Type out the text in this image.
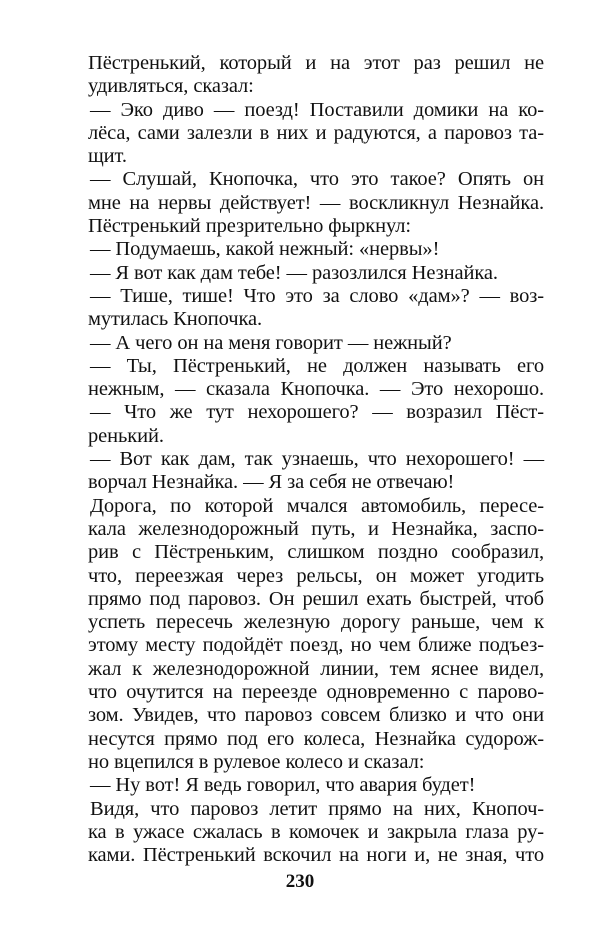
Пёстренький, который и на этот раз решил не
удивляться, сказал:
— Эко диво — поезд! Поставили домики на ко-
лёса, сами залезли в них и радуются, а паровоз та-
щит.
— Слушай, Кнопочка, что это такое? Опять он
мне на нервы действует! — воскликнул Незнайка.
Пёстренький презрительно фыркнул:
— Подумаешь, какой нежный: «нервы»!
— Я вот как дам тебе! — разозлился Незнайка.
— Тише, тише! Что это за слово «дам»? — воз-
мутилась Кнопочка.
— А чего он на меня говорит — нежный?
— Ты, Пёстренький, не должен называть его
нежным, — сказала Кнопочка. — Это нехорошо.
— Что же тут нехорошего? — возразил Пёст-
ренький.
— Вот как дам, так узнаешь, что нехорошего! —
ворчал Незнайка. — Я за себя не отвечаю!
Дорога, по которой мчался автомобиль, пересе-
кала железнодорожный путь, и Незнайка, заспо-
рив с Пёстреньким, слишком поздно сообразил,
что, переезжая через рельсы, он может угодить
прямо под паровоз. Он решил ехать быстрей, чтоб
успеть пересечь железную дорогу раньше, чем к
этому месту подойдёт поезд, но чем ближе подъез-
жал к железнодорожной линии, тем яснее видел,
что очутится на переезде одновременно с парово-
зом. Увидев, что паровоз совсем близко и что они
несутся прямо под его колеса, Незнайка судорож-
но вцепился в рулевое колесо и сказал:
— Ну вот! Я ведь говорил, что авария будет!
Видя, что паровоз летит прямо на них, Кнопоч-
ка в ужасе сжалась в комочек и закрыла глаза ру-
ками. Пёстренький вскочил на ноги и, не зная, что
230
